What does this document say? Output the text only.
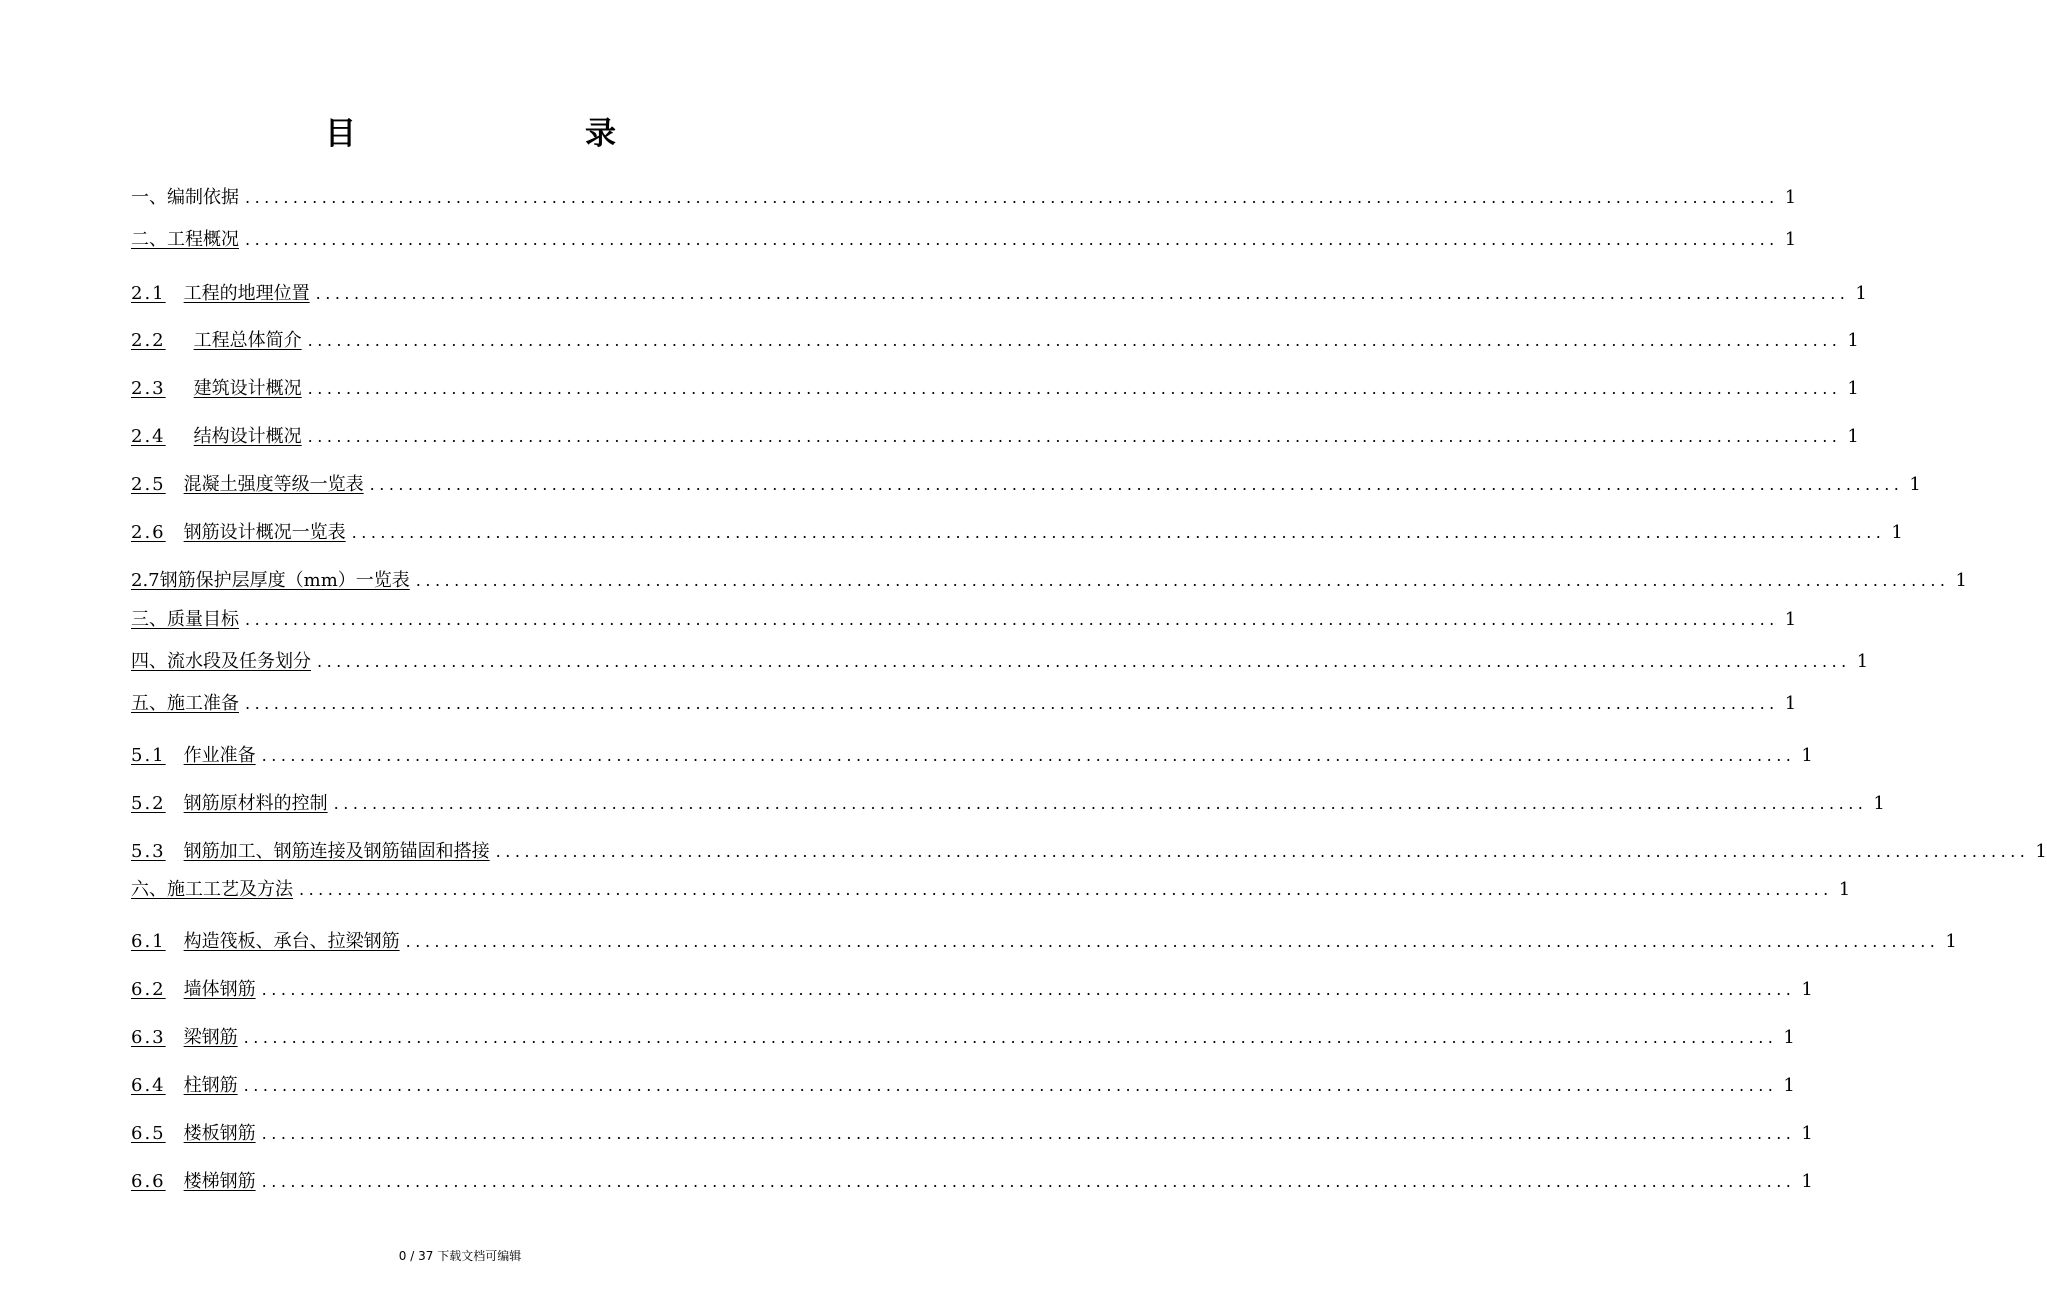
目	录
一、编制依据 ................................................................................................................................................................ 1
二、工程概况 ................................................................................................................................................................ 1
2.1 工程的地理位置 ................................................................................................................................................................ 1
2.2 工程总体简介 ................................................................................................................................................................ 1
2.3 建筑设计概况 ................................................................................................................................................................ 1
2.4 结构设计概况 ................................................................................................................................................................ 1
2.5 混凝土强度等级一览表 ................................................................................................................................................................ 1
2.6 钢筋设计概况一览表 ................................................................................................................................................................ 1
2.7钢筋保护层厚度（mm）一览表 ................................................................................................................................................................ 1
三、质量目标 ................................................................................................................................................................ 1
四、流水段及任务划分 ................................................................................................................................................................ 1
五、施工准备 ................................................................................................................................................................ 1
5.1 作业准备 ................................................................................................................................................................ 1
5.2 钢筋原材料的控制 ................................................................................................................................................................ 1
5.3 钢筋加工、钢筋连接及钢筋锚固和搭接 ................................................................................................................................................................ 1
六、施工工艺及方法 ................................................................................................................................................................ 1
6.1 构造筏板、承台、拉梁钢筋 ................................................................................................................................................................ 1
6.2 墙体钢筋 ................................................................................................................................................................ 1
6.3 梁钢筋 ................................................................................................................................................................ 1
6.4 柱钢筋 ................................................................................................................................................................ 1
6.5 楼板钢筋 ................................................................................................................................................................ 1
6.6 楼梯钢筋 ................................................................................................................................................................ 1
0 / 37 下载文档可编辑
